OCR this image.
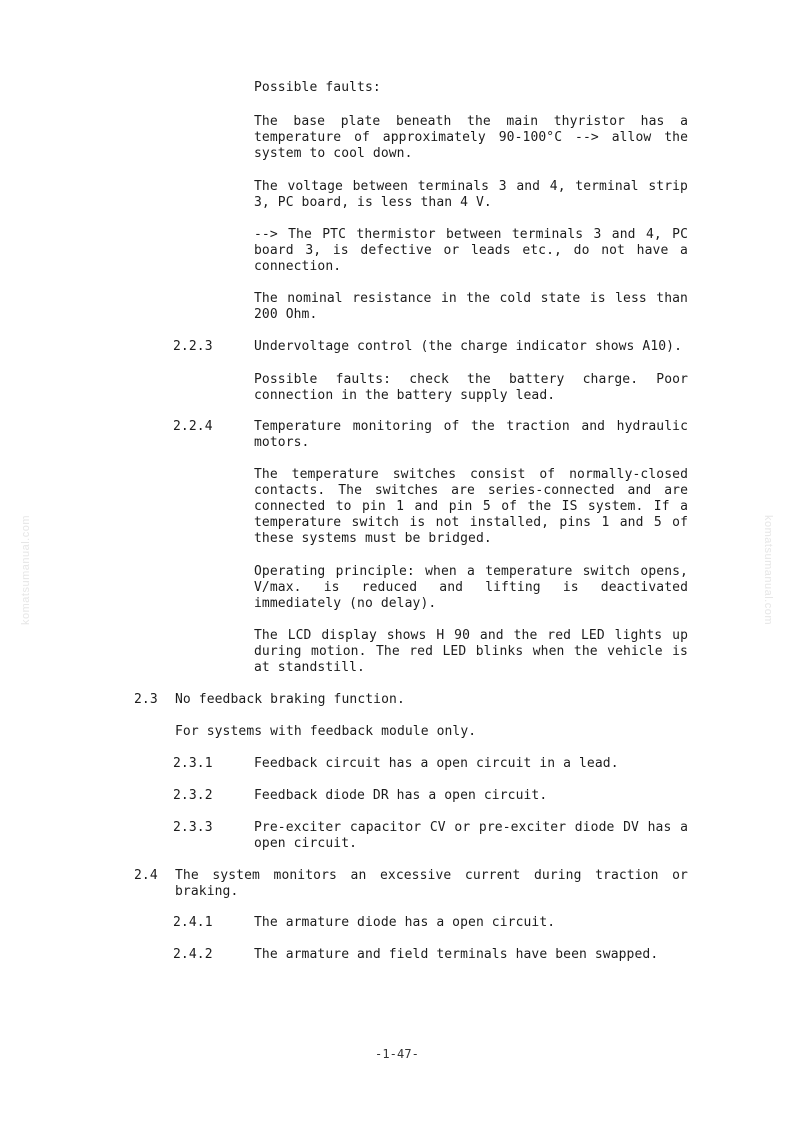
komatsumanual.com	komatsumanual.com

Possible faults:

The base plate beneath the main thyristor has a temperature of approximately 90-100°C --> allow the system to cool down.

The voltage between terminals 3 and 4, terminal strip 3, PC board, is less than 4 V.

--> The PTC thermistor between terminals 3 and 4, PC board 3, is defective or leads etc., do not have a connection.

The nominal resistance in the cold state is less than 200 Ohm.

2.2.3	Undervoltage control (the charge indicator shows A10).

Possible faults: check the battery charge. Poor connection in the battery supply lead.

2.2.4	Temperature monitoring of the traction and hydraulic motors.

The temperature switches consist of normally-closed contacts. The switches are series-connected and are connected to pin 1 and pin 5 of the IS system. If a temperature switch is not installed, pins 1 and 5 of these systems must be bridged.

Operating principle: when a temperature switch opens, V/max. is reduced and lifting is deactivated immediately (no delay).

The LCD display shows H 90 and the red LED lights up during motion. The red LED blinks when the vehicle is at standstill.

2.3 No feedback braking function.

For systems with feedback module only.

2.3.1	Feedback circuit has a open circuit in a lead.

2.3.2	Feedback diode DR has a open circuit.

2.3.3	Pre-exciter capacitor CV or pre-exciter diode DV has a open circuit.

2.4 The system monitors an excessive current during traction or braking.

2.4.1	The armature diode has a open circuit.

2.4.2	The armature and field terminals have been swapped.

-1-47-
